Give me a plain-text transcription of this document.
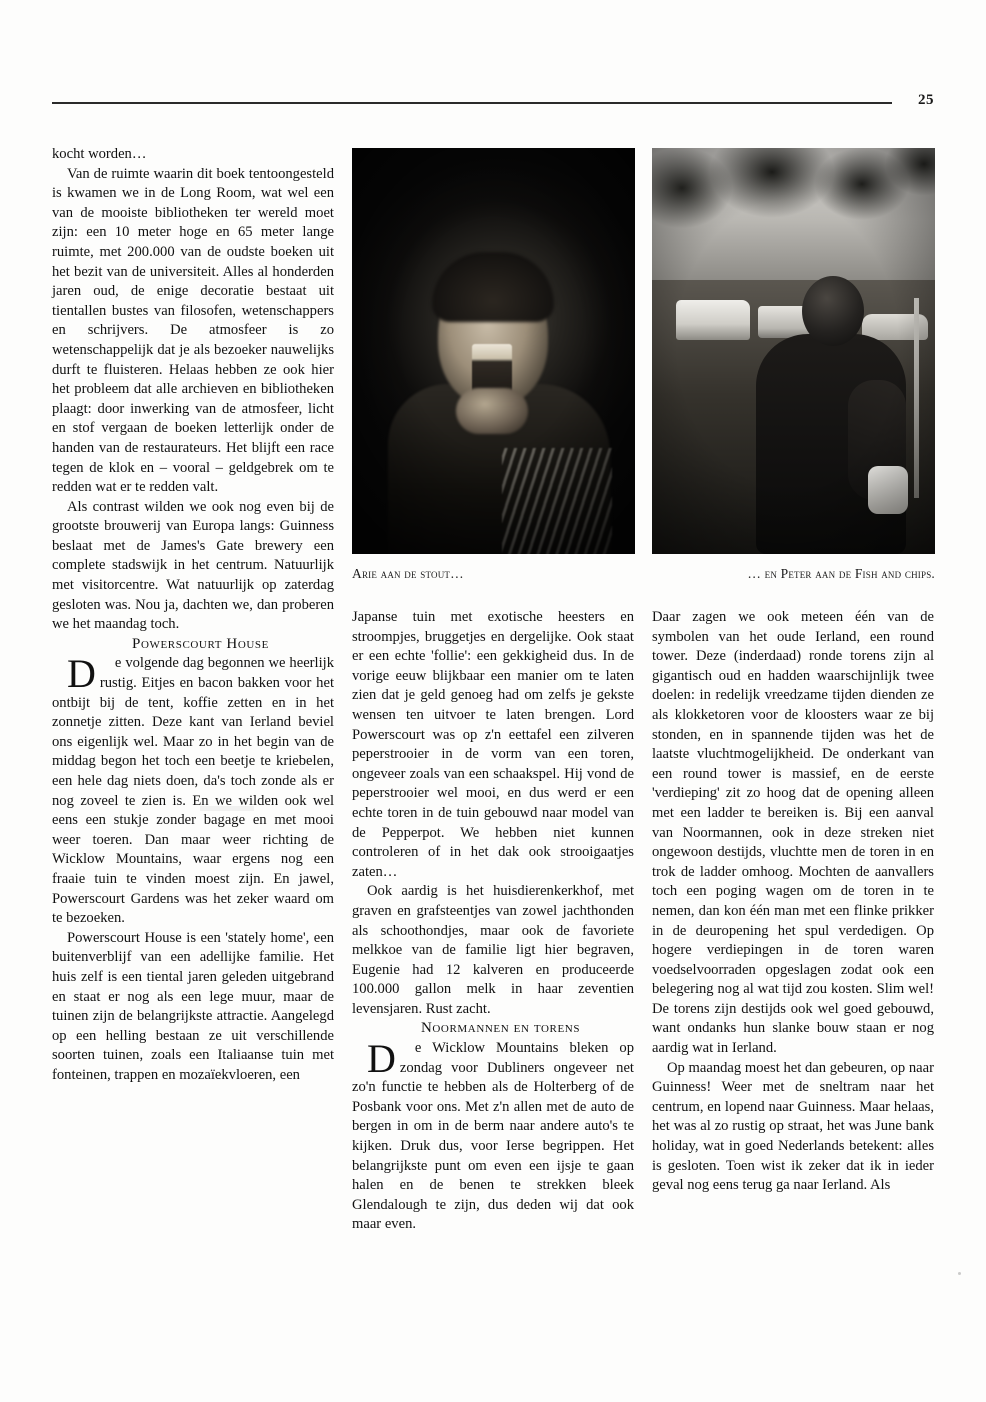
25
Arie aan de stout…	… en Peter aan de Fish and chips.

kocht worden…

Van de ruimte waarin dit boek tentoongesteld is kwamen we in de Long Room, wat wel een van de mooiste bibliotheken ter wereld moet zijn: een 10 meter hoge en 65 meter lange ruimte, met 200.000 van de oudste boeken uit het bezit van de universiteit. Alles al honderden jaren oud, de enige decoratie bestaat uit tientallen bustes van filosofen, wetenschappers en schrijvers. De atmosfeer is zo wetenschappelijk dat je als bezoeker nauwelijks durft te fluisteren. Helaas hebben ze ook hier het probleem dat alle archieven en bibliotheken plaagt: door inwerking van de atmosfeer, licht en stof vergaan de boeken letterlijk onder de handen van de restaurateurs. Het blijft een race tegen de klok en – vooral – geldgebrek om te redden wat er te redden valt.

Als contrast wilden we ook nog even bij de grootste brouwerij van Europa langs: Guinness beslaat met de James's Gate brewery een complete stadswijk in het centrum. Natuurlijk met visitorcentre. Wat natuurlijk op zaterdag gesloten was. Nou ja, dachten we, dan proberen we het maandag toch.

Powerscourt House

D e volgende dag begonnen we heerlijk rustig. Eitjes en bacon bakken voor het ontbijt bij de tent, koffie zetten en in het zonnetje zitten. Deze kant van Ierland beviel ons eigenlijk wel. Maar zo in het begin van de middag begon het toch een beetje te kriebelen, een hele dag niets doen, da's toch zonde als er nog zoveel te zien is. En we wilden ook wel eens een stukje zonder bagage en met mooi weer toeren. Dan maar weer richting de Wicklow Mountains, waar ergens nog een fraaie tuin te vinden moest zijn. En jawel, Powerscourt Gardens was het zeker waard om te bezoeken.

Powerscourt House is een 'stately home', een buitenverblijf van een adellijke familie. Het huis zelf is een tiental jaren geleden uitgebrand en staat er nog als een lege muur, maar de tuinen zijn de belangrijkste attractie. Aangelegd op een helling bestaan ze uit verschillende soorten tuinen, zoals een Italiaanse tuin met fonteinen, trappen en mozaïekvloeren, een

Japanse tuin met exotische heesters en stroompjes, bruggetjes en dergelijke. Ook staat er een echte 'follie': een gekkigheid dus. In de vorige eeuw blijkbaar een manier om te laten zien dat je geld genoeg had om zelfs je gekste wensen ten uitvoer te laten brengen. Lord Powerscourt was op z'n eettafel een zilveren peperstrooier in de vorm van een toren, ongeveer zoals van een schaakspel. Hij vond de peperstrooier wel mooi, en dus werd er een echte toren in de tuin gebouwd naar model van de Pepperpot. We hebben niet kunnen controleren of in het dak ook strooigaatjes zaten…

Ook aardig is het huisdierenkerkhof, met graven en grafsteentjes van zowel jachthonden als schoothondjes, maar ook de favoriete melkkoe van de familie ligt hier begraven, Eugenie had 12 kalveren en produceerde 100.000 gallon melk in haar zeventien levensjaren. Rust zacht.

Noormannen en torens

D e Wicklow Mountains bleken op zondag voor Dubliners ongeveer net zo'n functie te hebben als de Holterberg of de Posbank voor ons. Met z'n allen met de auto de bergen in om in de berm naar andere auto's te kijken. Druk dus, voor Ierse begrippen. Het belangrijkste punt om even een ijsje te gaan halen en de benen te strekken bleek Glendalough te zijn, dus deden wij dat ook maar even.

Daar zagen we ook meteen één van de symbolen van het oude Ierland, een round tower. Deze (inderdaad) ronde torens zijn al gigantisch oud en hadden waarschijnlijk twee doelen: in redelijk vreedzame tijden dienden ze als klokketoren voor de kloosters waar ze bij stonden, en in spannende tijden was het de laatste vluchtmogelijkheid. De onderkant van een round tower is massief, en de eerste 'verdieping' zit zo hoog dat de opening alleen met een ladder te bereiken is. Bij een aanval van Noormannen, ook in deze streken niet ongewoon destijds, vluchtte men de toren in en trok de ladder omhoog. Mochten de aanvallers toch een poging wagen om de toren in te nemen, dan kon één man met een flinke prikker in de deuropening het spul verdedigen. Op hogere verdiepingen in de toren waren voedselvoorraden opgeslagen zodat ook een belegering nog al wat tijd zou kosten. Slim wel! De torens zijn destijds ook wel goed gebouwd, want ondanks hun slanke bouw staan er nog aardig wat in Ierland.

Op maandag moest het dan gebeuren, op naar Guinness! Weer met de sneltram naar het centrum, en lopend naar Guinness. Maar helaas, het was al zo rustig op straat, het was June bank holiday, wat in goed Nederlands betekent: alles is gesloten. Toen wist ik zeker dat ik in ieder geval nog eens terug ga naar Ierland. Als
